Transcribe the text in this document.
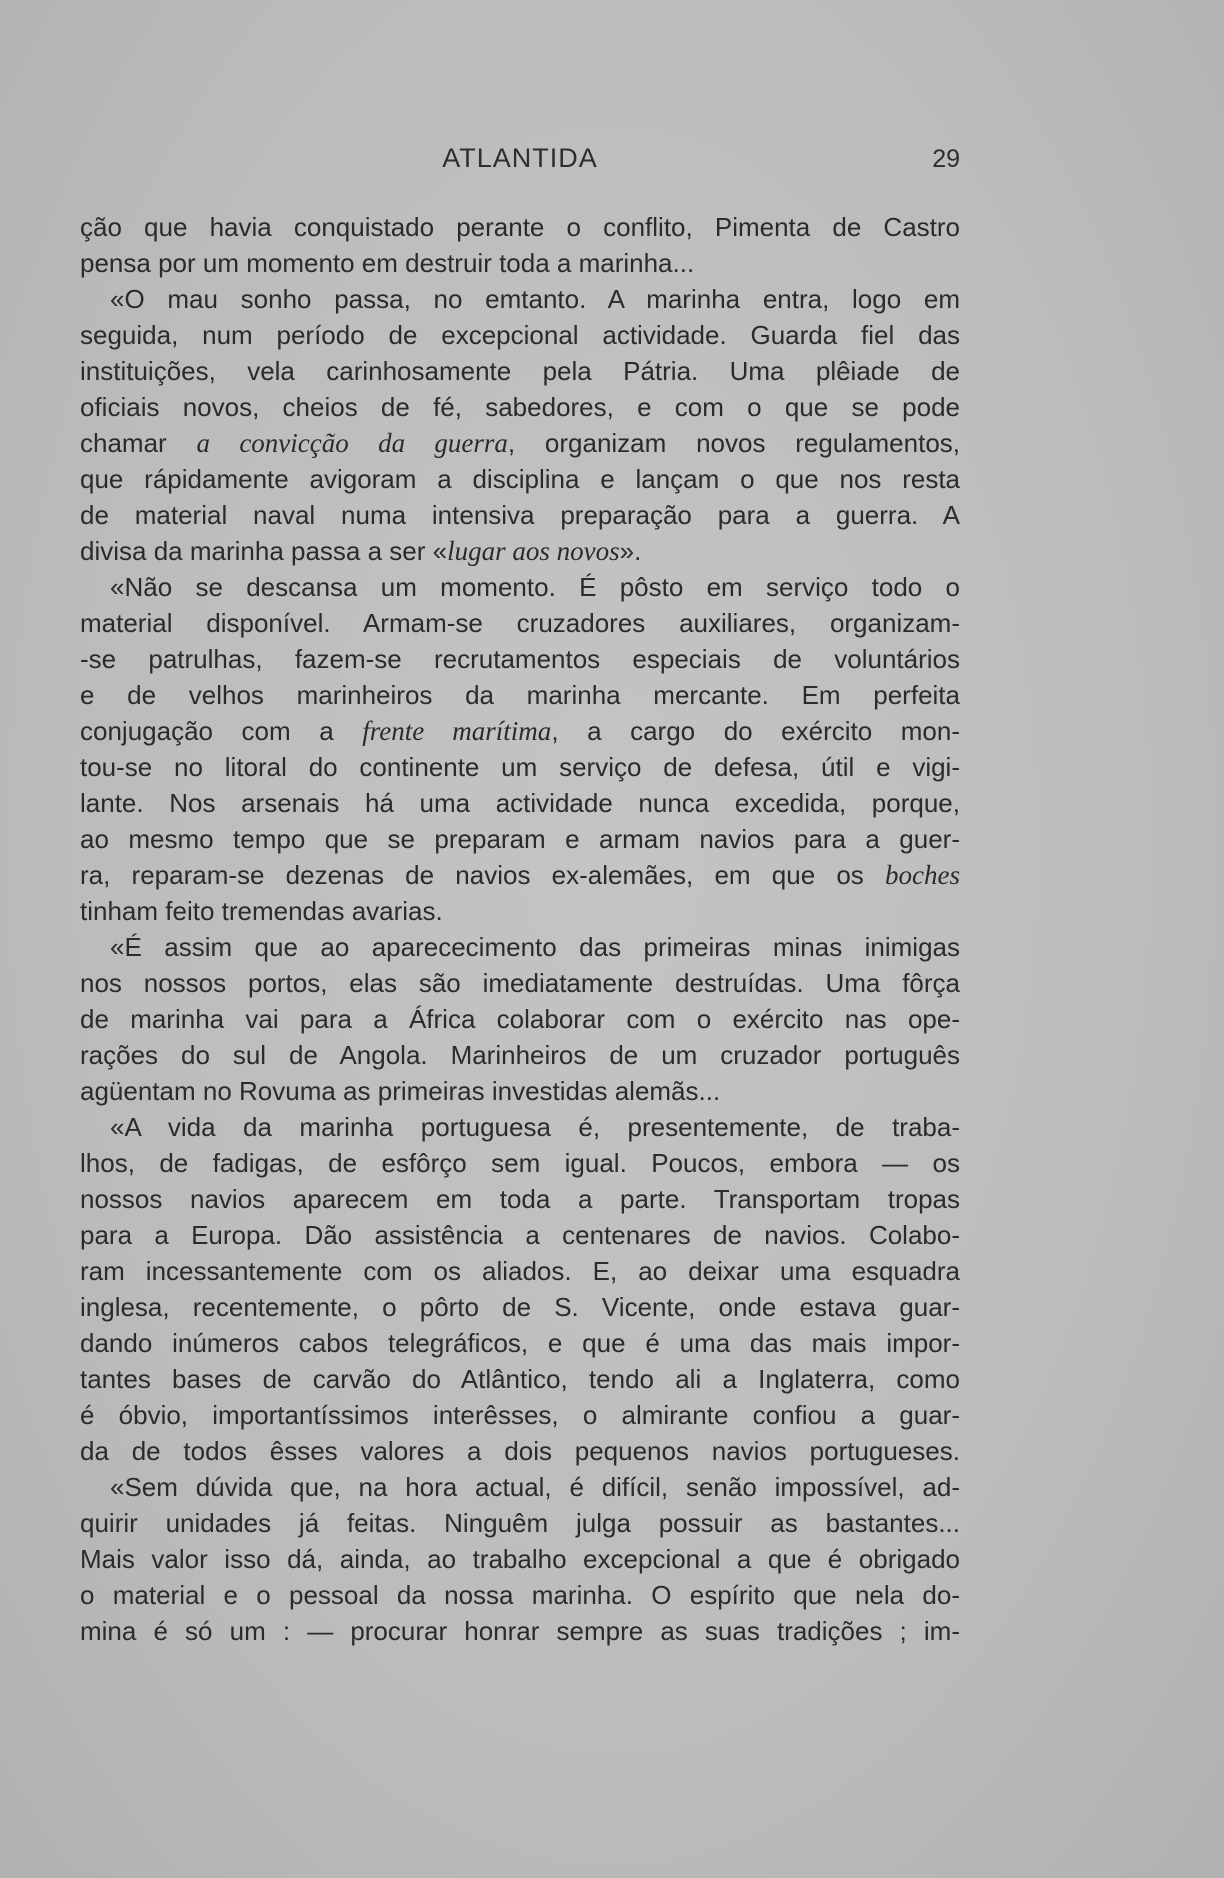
ATLANTIDA	29
ção que havia conquistado perante o conflito, Pimenta de Castro
pensa por um momento em destruir toda a marinha...
«O mau sonho passa, no emtanto. A marinha entra, logo em
seguida, num período de excepcional actividade. Guarda fiel das
instituições, vela carinhosamente pela Pátria. Uma plêiade de
oficiais novos, cheios de fé, sabedores, e com o que se pode
chamar a convicção da guerra, organizam novos regulamentos,
que rápidamente avigoram a disciplina e lançam o que nos resta
de material naval numa intensiva preparação para a guerra. A
divisa da marinha passa a ser «lugar aos novos».
«Não se descansa um momento. É pôsto em serviço todo o
material disponível. Armam-se cruzadores auxiliares, organizam-
-se patrulhas, fazem-se recrutamentos especiais de voluntários
e de velhos marinheiros da marinha mercante. Em perfeita
conjugação com a frente marítima, a cargo do exército mon-
tou-se no litoral do continente um serviço de defesa, útil e vigi-
lante. Nos arsenais há uma actividade nunca excedida, porque,
ao mesmo tempo que se preparam e armam navios para a guer-
ra, reparam-se dezenas de navios ex-alemães, em que os boches
tinham feito tremendas avarias.
«É assim que ao aparececimento das primeiras minas inimigas
nos nossos portos, elas são imediatamente destruídas. Uma fôrça
de marinha vai para a África colaborar com o exército nas ope-
rações do sul de Angola. Marinheiros de um cruzador português
agüentam no Rovuma as primeiras investidas alemãs...
«A vida da marinha portuguesa é, presentemente, de traba-
lhos, de fadigas, de esfôrço sem igual. Poucos, embora — os
nossos navios aparecem em toda a parte. Transportam tropas
para a Europa. Dão assistência a centenares de navios. Colabo-
ram incessantemente com os aliados. E, ao deixar uma esquadra
inglesa, recentemente, o pôrto de S. Vicente, onde estava guar-
dando inúmeros cabos telegráficos, e que é uma das mais impor-
tantes bases de carvão do Atlântico, tendo ali a Inglaterra, como
é óbvio, importantíssimos interêsses, o almirante confiou a guar-
da de todos êsses valores a dois pequenos navios portugueses.
«Sem dúvida que, na hora actual, é difícil, senão impossível, ad-
quirir unidades já feitas. Ninguêm julga possuir as bastantes...
Mais valor isso dá, ainda, ao trabalho excepcional a que é obrigado
o material e o pessoal da nossa marinha. O espírito que nela do-
mina é só um : — procurar honrar sempre as suas tradições ; im-
